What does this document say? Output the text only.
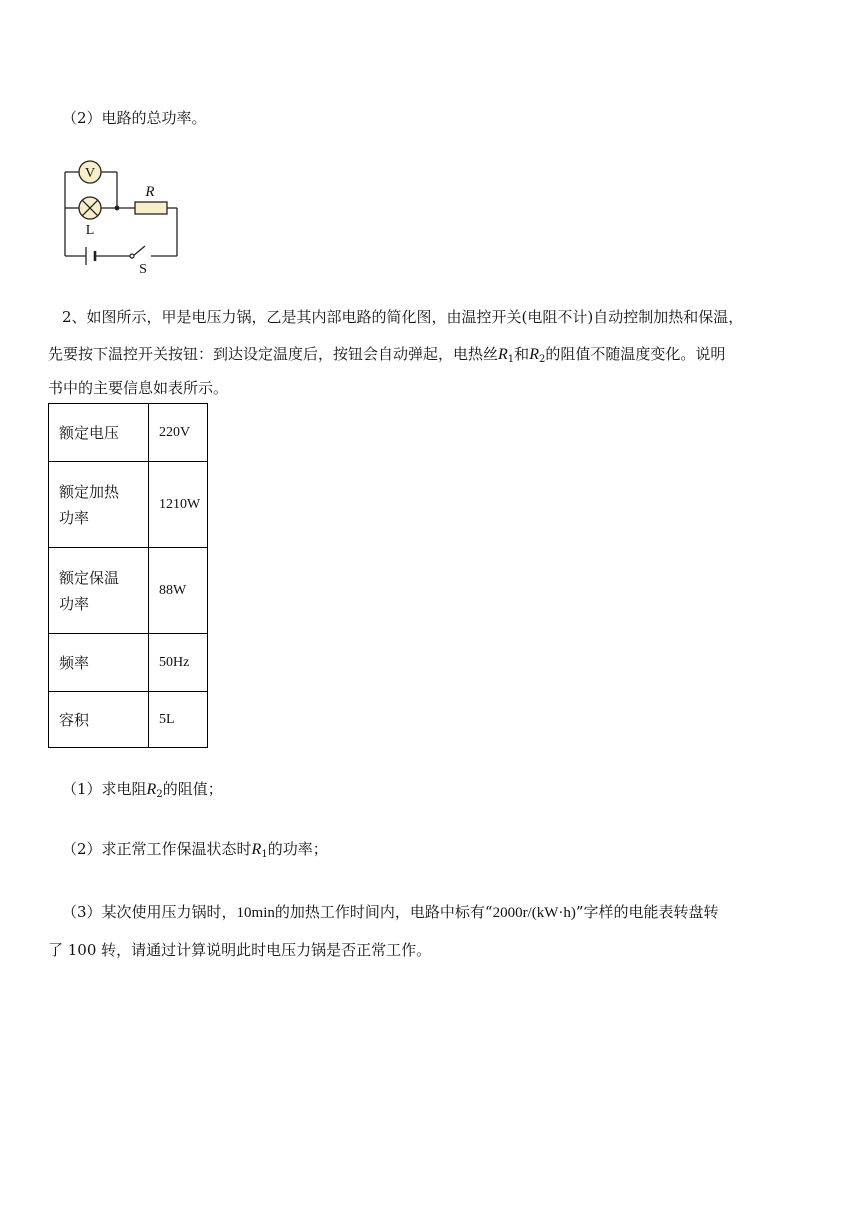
（2）电路的总功率。
V
L
R
S
2、如图所示，甲是电压力锅，乙是其内部电路的简化图，由温控开关(电阻不计)自动控制加热和保温，
先要按下温控开关按钮：到达设定温度后，按钮会自动弹起，电热丝$R_1$和$R_2$的阻值不随温度变化。说明
书中的主要信息如表所示。
额定电压	220V
额定加热
功率	1210W
额定保温
功率	88W
频率	50Hz
容积	5L
（1）求电阻$R_2$的阻值；
（2）求正常工作保温状态时$R_1$的功率；
（3）某次使用压力锅时，10min的加热工作时间内，电路中标有“2000r/(kW·h)”字样的电能表转盘转
了 100 转，请通过计算说明此时电压力锅是否正常工作。
